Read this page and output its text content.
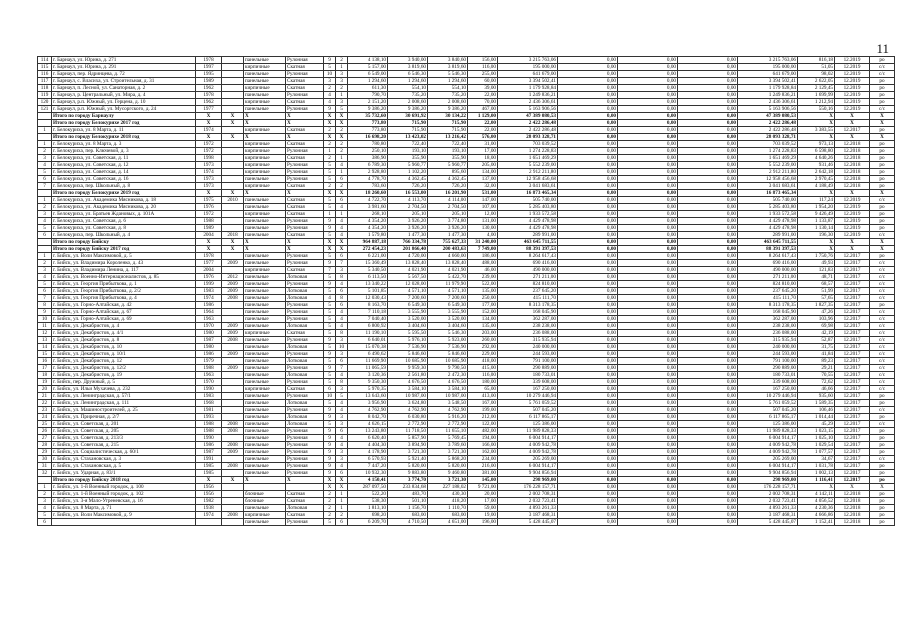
11
114	г. Барнаул, ул. Юрина, д. 271	1978		панельные	Рулонная	9	2	4 138,10	3 940,00	3 840,60	156,00	3 215 763,06	0,00	0,00	0,00	3 215 763,06	816,18	12.2019	ро
115	г. Барнаул, ул. Юрина, д. 291	1997		кирпичные	Скатная	5	1	5 157,00	3 819,60	3 819,60	116,00	195 000,00	0,00	0,00	0,00	195 000,00	51,05	12.2019	с/с
116	г. Барнаул, пер. Ядринцева, д. 72	1995		панельные	Рулонная	10	3	6 549,00	6 546,30	5 546,30	255,00	641 679,00	0,00	0,00	0,00	641 679,00	98,02	12.2019	с/с
117	г. Барнаул, с. Власиха, ул. Строительная, д. 31	1989		панельные	Скатная	3	3	1 294,60	1 294,60	1 294,60	60,00	3 394 502,41	0,00	0,00	0,00	3 394 502,41	2 622,05	12.2019	ро
118	г. Барнаул, п. Лесной, ул. Санаторная, д. 2	1962		кирпичные	Скатная	2	2	611,30	554,10	554,10	39,00	1 179 928,84	0,00	0,00	0,00	1 179 928,84	2 129,45	12.2019	ро
119	г. Барнаул, р. Центральный, ул. Мира, д. 4	1978		панельные	Рулонная	4	1	790,70	735,20	735,20	22,00	1 249 836,21	0,00	0,00	0,00	1 249 836,21	1 699,99	12.2019	ро
120	г. Барнаул, р.п. Южный, ул. Герцена, д. 10	1962		кирпичные	Скатная	4	3	2 151,20	2 008,60	2 008,60	70,00	2 436 306,61	0,00	0,00	0,00	2 436 306,61	1 212,94	12.2019	ро
121	г. Барнаул, р.п. Южный, ул. Мусоргского, д. 24	1977		панельные	Рулонная	9	5	9 386,20	9 386,20	9 386,20	467,00	5 163 906,56	0,00	0,00	0,00	5 163 906,56	550,16	12.2019	с/с
	Итого по городу Барнаулу	X	X	X	X	X	X	35 732,60	30 691,92	30 134,22	1 129,00	47 389 080,53	0,00	0,00	0,00	47 389 080,53	X	X	X
	Итого по городу Белокурихе 2017 год	X	X	X	X	X	X	773,80	715,90	715,90	22,00	2 422 286,48	0,00	0,00	0,00	2 422 286,48	X	X	X
1	г. Белокуриха, ул. 8 Марта, д. 11	1974		кирпичные	Скатная	2	2	773,80	715,90	715,90	22,00	2 422 286,48	0,00	0,00	0,00	2 422 286,48	3 383,55	12.2017	ро
	Итого по городу Белокурихе 2018 год	X	X	X	X	X	X	16 698,20	13 423,02	13 216,42	576,00	28 093 328,71	0,00	0,00	0,00	28 093 328,71	X	X	X
1	г. Белокуриха, ул. 8 Марта, д. 3	1972		кирпичные	Скатная	2	2	780,80	722,40	722,40	31,00	703 039,52	0,00	0,00	0,00	703 039,52	973,13	12.2018	ро
2	г. Белокуриха, пер. Ключевой, д. 3	1972		кирпичные	Рулонная	1	2	250,10	193,10	193,10	17,00	1 274 228,83	0,00	0,00	0,00	1 274 228,83	6 598,80	12.2018	ро
3	г. Белокуриха, ул. Советская, д. 11	1998		кирпичные	Скатная	2	1	386,90	355,90	355,90	18,00	1 651 469,29	0,00	0,00	0,00	1 651 469,29	4 640,26	12.2018	ро
4	г. Белокуриха, ул. Советская, д. 12	1973		кирпичные	Рулонная	5	4	6 789,30	5 960,77	5 960,77	205,00	5 552 239,00	0,00	0,00	0,00	5 552 239,00	931,46	12.2018	ро
5	г. Белокуриха, ул. Советская, д. 14	1974		кирпичные	Рулонная	5	1	2 928,80	1 102,20	895,60	134,00	2 912 211,80	0,00	0,00	0,00	2 912 211,80	2 642,18	12.2018	ро
6	г. Белокуриха, ул. Советская, д. 16	1973		панельные	Рулонная	5	6	4 778,70	4 362,45	4 362,45	137,00	12 958 456,68	0,00	0,00	0,00	12 958 456,68	2 970,45	12.2018	ро
7	г. Белокуриха, пер. Школьный, д. 8	1973		кирпичные	Скатная	2	2	783,60	726,20	726,20	32,00	3 041 683,61	0,00	0,00	0,00	3 041 683,61	4 188,49	12.2018	ро
	Итого по городу Белокурихе 2019 год	X	X	X	X	X	X	18 260,60	16 553,00	16 201,90	531,00	16 873 465,34	0,00	0,00	0,00	16 873 465,34	X	X	X
1	г. Белокуриха, ул. Академика Мясникова, д. 18	1975	2010	панельные	Скатная	5	6	4 722,70	4 113,70	4 114,00	147,00	505 740,00	0,00	0,00	0,00	505 740,00	117,24	12.2019	с/с
2	г. Белокуриха, ул. Академика Мясникова, д. 20	1976		панельные	Скатная	5	4	3 981,60	2 704,50	2 704,50	107,00	5 285 403,80	0,00	0,00	0,00	5 285 403,80	1 954,20	12.2019	ро
3	г. Белокуриха, ул. Братьев Ждановых, д. 101А	1972		кирпичные	Скатная	1	1	268,10	205,10	205,10	12,00	1 933 572,58	0,00	0,00	0,00	1 933 572,58	9 426,49	12.2019	ро
4	г. Белокуриха, ул. Советская, д. 6	1988		панельные	Рулонная	9	4	4 354,20	3 926,20	3 774,80	131,00	4 429 478,98	0,00	0,00	0,00	4 429 478,98	1 133,87	12.2019	ро
5	г. Белокуриха, ул. Советская, д. 8	1989		панельные	Рулонная	9	4	4 354,20	3 926,20	3 926,20	130,00	4 429 478,98	0,00	0,00	0,00	4 429 478,98	1 130,14	12.2019	ро
6	г. Белокуриха, пер. Школьный, д. 4	2004	2018	панельные	Скатная	5	4	1 579,80	1 477,30	1 477,30	4,00	289 991,00	0,00	0,00	0,00	289 991,00	196,30	12.2019	с/с
	Итого по городу Бийску	X	X	X	X	X	X	964 887,18	766 334,78	755 627,33	31 240,00	463 645 711,55	0,00	0,00	0,00	463 645 711,55	X	X	X
	Итого по городу Бийску 2017 год	X	X	X	X	X	X	272 454,23	201 866,40	200 483,63	7 749,00	88 391 397,53	0,00	0,00	0,00	88 391 397,53	X	X	X
1	г. Бийск, ул. Воли Максимовой, д. 5	1978		панельные	Рулонная	5	6	6 221,00	4 720,00	4 660,00	186,00	8 264 617,43	0,00	0,00	0,00	8 264 617,43	1 750,76	12.2017	ро
2	г. Бийск, ул. Владимира Короленко, д. 43	1977	2009	панельные	Рулонная	9	7	15 360,49	13 828,40	13 828,40	488,00	690 416,00	0,00	0,00	0,00	690 416,00	49,93	12.2017	с/с
3	г. Бийск, ул. Владимира Ленина, д. 117	2004		кирпичные	Скатная	7	3	5 340,50	4 021,90	4 021,90	46,00	490 000,00	0,00	0,00	0,00	490 000,00	121,83	12.2017	с/с
4	г. Бийск, ул. Военно-Интернационалистов, д. 85	1976	2012	панельные	Лотковая	5	8	6 113,50	5 567,50	5 422,70	239,00	271 211,00	0,00	0,00	0,00	271 211,00	48,71	12.2017	с/с
5	г. Бийск, ул. Георгия Прибыткова, д. 1	1999	2009	панельные	Рулонная	9	4	13 340,22	12 028,00	11 979,90	522,00	824 810,00	0,00	0,00	0,00	824 810,00	68,57	12.2017	с/с
6	г. Бийск, ул. Георгия Прибыткова, д. 2/2	1983	2009	панельные	Лотковая	5	6	5 101,85	4 571,10	4 571,10	135,00	237 645,20	0,00	0,00	0,00	237 645,20	51,99	12.2017	с/с
7	г. Бийск, ул. Георгия Прибыткова, д. 4	1974	2008	панельные	Лотковая	4	8	12 030,43	7 200,60	7 200,60	250,00	415 111,70	0,00	0,00	0,00	415 111,70	57,65	12.2017	с/с
8	г. Бийск, ул. Горно-Алтайская, д. 42	1986		панельные	Рулонная	5	6	8 163,70	6 549,30	6 549,30	177,00	8 313 178,35	0,00	0,00	0,00	8 313 178,35	1 827,35	12.2017	ро
9	г. Бийск, ул. Горно-Алтайская, д. 67	1964		панельные	Рулонная	5	4	7 110,18	3 555,90	3 555,90	152,00	168 045,90	0,00	0,00	0,00	168 045,90	47,26	12.2017	с/с
10	г. Бийск, ул. Горно-Алтайская, д. 69	1963		панельные	Рулонная	5	4	7 040,40	3 520,00	3 520,00	134,00	362 287,00	0,00	0,00	0,00	362 287,00	103,96	12.2017	с/с
11	г. Бийск, ул. Декабристов, д. 4	1970	2009	панельные	Лотковая	5	4	6 800,92	3 404,60	3 404,60	135,00	238 238,00	0,00	0,00	0,00	238 238,00	69,98	12.2017	с/с
12	г. Бийск, ул. Декабристов, д. 4/1	1980	2009	кирпичные	Скатная	5	8	11 190,10	5 595,50	5 546,30	203,00	236 088,00	0,00	0,00	0,00	236 088,00	42,19	12.2017	с/с
13	г. Бийск, ул. Декабристов, д. 8	1987	2008	панельные	Рулонная	9	3	6 640,01	5 976,10	5 923,00	260,00	315 935,94	0,00	0,00	0,00	315 935,94	52,87	12.2017	с/с
14	г. Бийск, ул. Декабристов, д. 10	1980		панельные	Лотковая	5	10	15 070,38	7 536,90	7 536,90	292,00	240 000,00	0,00	0,00	0,00	240 000,00	31,75	12.2017	с/с
15	г. Бийск, ул. Декабристов, д. 10/1	1986	2009	панельные	Рулонная	9	3	6 490,62	5 846,60	5 846,60	229,00	244 593,00	0,00	0,00	0,00	244 593,00	41,84	12.2017	с/с
16	г. Бийск, ул. Декабристов, д. 12	1979		панельные	Лотковая	5	6	11 669,90	10 685,90	10 685,90	418,00	791 100,00	0,00	0,00	0,00	791 100,00	89,23	12.2017	с/с
17	г. Бийск, ул. Декабристов, д. 12/2	1988	2009	панельные	Рулонная	9	7	11 065,59	9 959,30	9 790,50	415,00	290 889,00	0,00	0,00	0,00	290 889,00	29,21	12.2017	с/с
18	г. Бийск, ул. Декабристов, д. 19	1963		панельные	Лотковая	5	4	3 120,36	2 561,80	2 472,30	116,00	180 733,01	0,00	0,00	0,00	180 733,01	70,55	12.2017	с/с
19	г. Бийск, пер. Дружный, д. 5	1970		панельные	Рулонная	5	8	9 350,30	4 676,50	4 676,50	180,00	339 608,00	0,00	0,00	0,00	339 608,00	72,62	12.2017	с/с
20	г. Бийск, ул. Ильи Мухачева, д. 232	1990		кирпичные	Скатная	6	3	5 970,35	3 584,10	3 584,10	65,00	167 250,00	0,00	0,00	0,00	167 250,00	46,66	12.2017	с/с
21	г. Бийск, ул. Ленинградская, д. 57/1	1983		панельные	Рулонная	10	5	13 643,60	10 987,00	10 987,00	413,00	10 279 446,94	0,00	0,00	0,00	10 279 446,94	935,60	12.2017	ро
22	г. Бийск, ул. Ленинградская, д. 111	1968		панельные	Лотковая	5	4	3 956,90	3 624,80	3 548,50	167,00	5 761 059,52	0,00	0,00	0,00	5 761 059,52	1 589,35	12.2017	ро
23	г. Бийск, ул. Машиностроителей, д. 25	1981		панельные	Рулонная	9	4	4 762,90	4 762,90	4 762,90	199,00	507 045,20	0,00	0,00	0,00	507 045,20	106,46	12.2017	с/с
24	г. Бийск, ул. Приречная, д. 2/7	1993		панельные	Лотковая	9	3	8 042,70	6 030,80	5 916,20	212,00	6 117 865,17	0,00	0,00	0,00	6 117 865,17	1 014,44	12.2017	ро
25	г. Бийск, ул. Советская, д. 201	1988	2008	панельные	Лотковая	5	3	4 626,15	2 772,90	2 772,90	122,00	125 386,00	0,00	0,00	0,00	125 386,00	45,29	12.2017	с/с
26	г. Бийск, ул. Советская, д. 205	1988	2008	панельные	Рулонная	9	6	13 243,80	11 718,50	11 655,10	482,00	11 989 828,33	0,00	0,00	0,00	11 989 828,33	1 023,15	12.2017	ро
27	г. Бийск, ул. Советская, д. 213/3	1990		панельные	Рулонная	9	4	6 620,40	5 857,90	5 769,45	194,00	6 004 914,17	0,00	0,00	0,00	6 004 914,17	1 025,10	12.2017	ро
28	г. Бийск, ул. Советская, д. 215	1986	2008	панельные	Рулонная	9	4	4 404,30	3 894,90	3 789,60	166,00	4 009 942,78	0,00	0,00	0,00	4 009 942,78	1 029,54	12.2017	ро
29	г. Бийск, ул. Социалистическая, д. 60/1	1987	2009	панельные	Рулонная	9	3	4 178,90	3 721,30	3 721,30	162,00	4 009 942,78	0,00	0,00	0,00	4 009 942,78	1 077,57	12.2017	ро
30	г. Бийск, ул. Стахановская, д. 3	1991		панельные	Рулонная	9	3	6 570,93	5 921,40	5 868,20	234,00	205 269,00	0,00	0,00	0,00	205 269,00	34,67	12.2017	с/с
31	г. Бийск, ул. Стахановская, д. 5	1985	2008	панельные	Рулонная	9	4	7 447,20	5 820,00	5 820,00	216,00	6 004 914,17	0,00	0,00	0,00	6 004 914,17	1 031,78	12.2017	ро
32	г. Бийск, ул. Ударная, д. 83/1	1985		панельные	Рулонная	9	6	10 932,30	9 883,80	9 460,80	381,00	9 904 856,94	0,00	0,00	0,00	9 904 856,94	1 002,13	12.2017	ро
	Итого по городу Бийску 2018 год	X	X	X	X	X	X	4 150,41	3 774,70	3 721,30	145,00	298 969,00	0,00	0,00	0,00	298 969,00	1 116,41	12.2017	ро
1	г. Бийск, ул. 1-й Военный городок, д. 100	1956				X	X	287 097,50	233 834,68	227 188,02	9 721,00	176 228 157,71	0,00	0,00	0,00	176 228 157,71	X	X	X
2	г. Бийск, ул. 1-й Военный городок, д. 102	1956		блочные	Скатная	2	1	522,20	483,70	430,30	20,00	2 002 708,31	0,00	0,00	0,00	2 002 708,31	4 142,11	12.2018	ро
3	г. Бийск, ул. 3-я Мало-Угреневская, д. 16	1982		блочные	Скатная	2	1	538,30	501,10	418,20	17,00	2 032 723,41	0,00	0,00	0,00	2 032 723,41	4 056,52	12.2018	ро
4	г. Бийск, ул. 8 Марта, д. 71	1938		панельные	Лотковая	2	1	1 813,10	1 156,70	1 110,70	59,00	4 893 261,33	0,00	0,00	0,00	4 893 261,33	4 230,36	12.2018	ро
5	г. Бийск, ул. Воли Максимовой, д. 9	1974	2008	кирпичные	Скатная	2	2	698,20	683,00	683,00	19,00	3 187 468,31	0,00	0,00	0,00	3 187 468,31	4 666,86	12.2018	ро
6				панельные	Рулонная	5	6	6 209,70	4 710,50	4 651,00	196,00	5 428 445,07	0,00	0,00	0,00	5 428 445,07	1 152,41	12.2018	ро
